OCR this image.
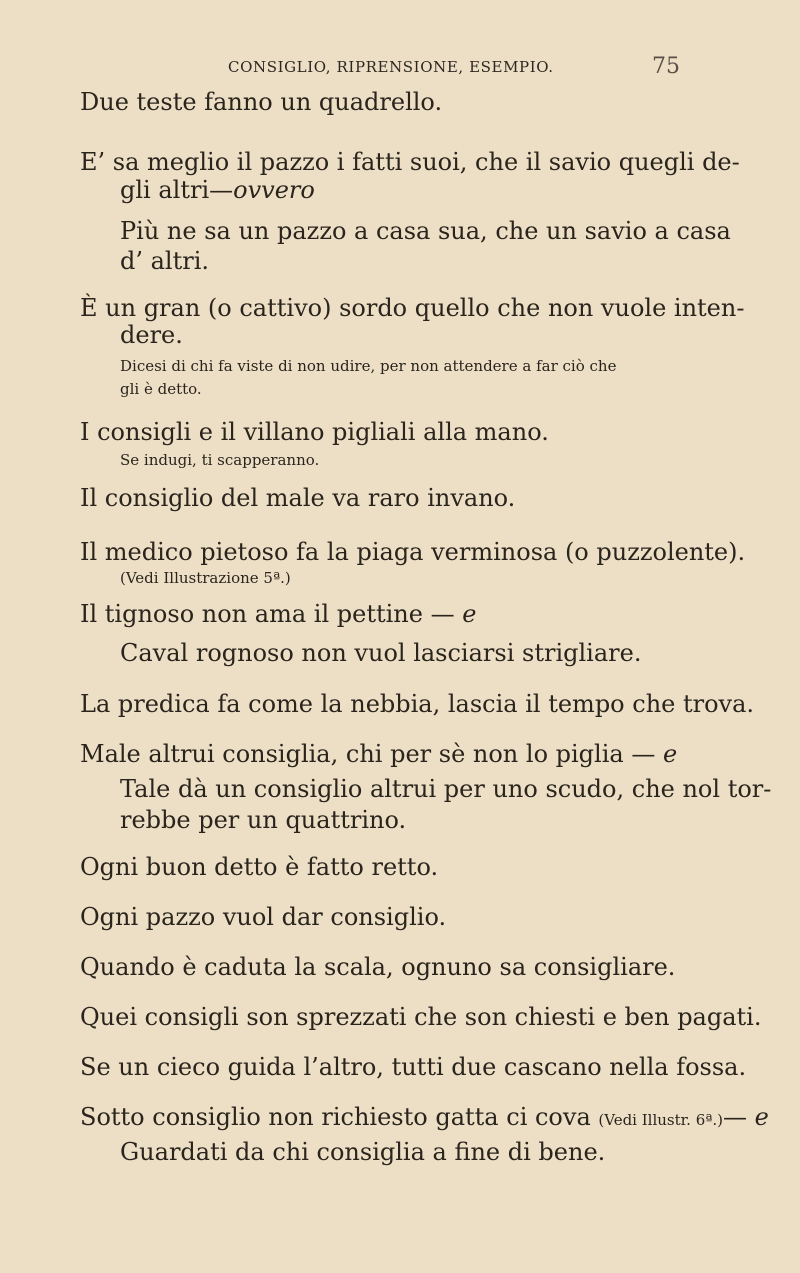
CONSIGLIO, RIPRENSIONE, ESEMPIO.	75
Due teste fanno un quadrello.
E’ sa meglio il pazzo i fatti suoi, che il savio quegli de-
gli altri—ovvero
Più ne sa un pazzo a casa sua, che un savio a casa
d’ altri.
È un gran (o cattivo) sordo quello che non vuole inten-
dere.
Dicesi di chi fa viste di non udire, per non attendere a far ciò che
gli è detto.
I consigli e il villano pigliali alla mano.
Se indugi, ti scapperanno.
Il consiglio del male va raro invano.
Il medico pietoso fa la piaga verminosa (o puzzolente).
(Vedi Illustrazione 5ª.)
Il tignoso non ama il pettine — e
Caval rognoso non vuol lasciarsi strigliare.
La predica fa come la nebbia, lascia il tempo che trova.
Male altrui consiglia, chi per sè non lo piglia — e
Tale dà un consiglio altrui per uno scudo, che nol tor-
rebbe per un quattrino.
Ogni buon detto è fatto retto.
Ogni pazzo vuol dar consiglio.
Quando è caduta la scala, ognuno sa consigliare.
Quei consigli son sprezzati che son chiesti e ben pagati.
Se un cieco guida l’altro, tutti due cascano nella fossa.
Sotto consiglio non richiesto gatta ci cova (Vedi Illustr. 6ª.)— e
Guardati da chi consiglia a fine di bene.
